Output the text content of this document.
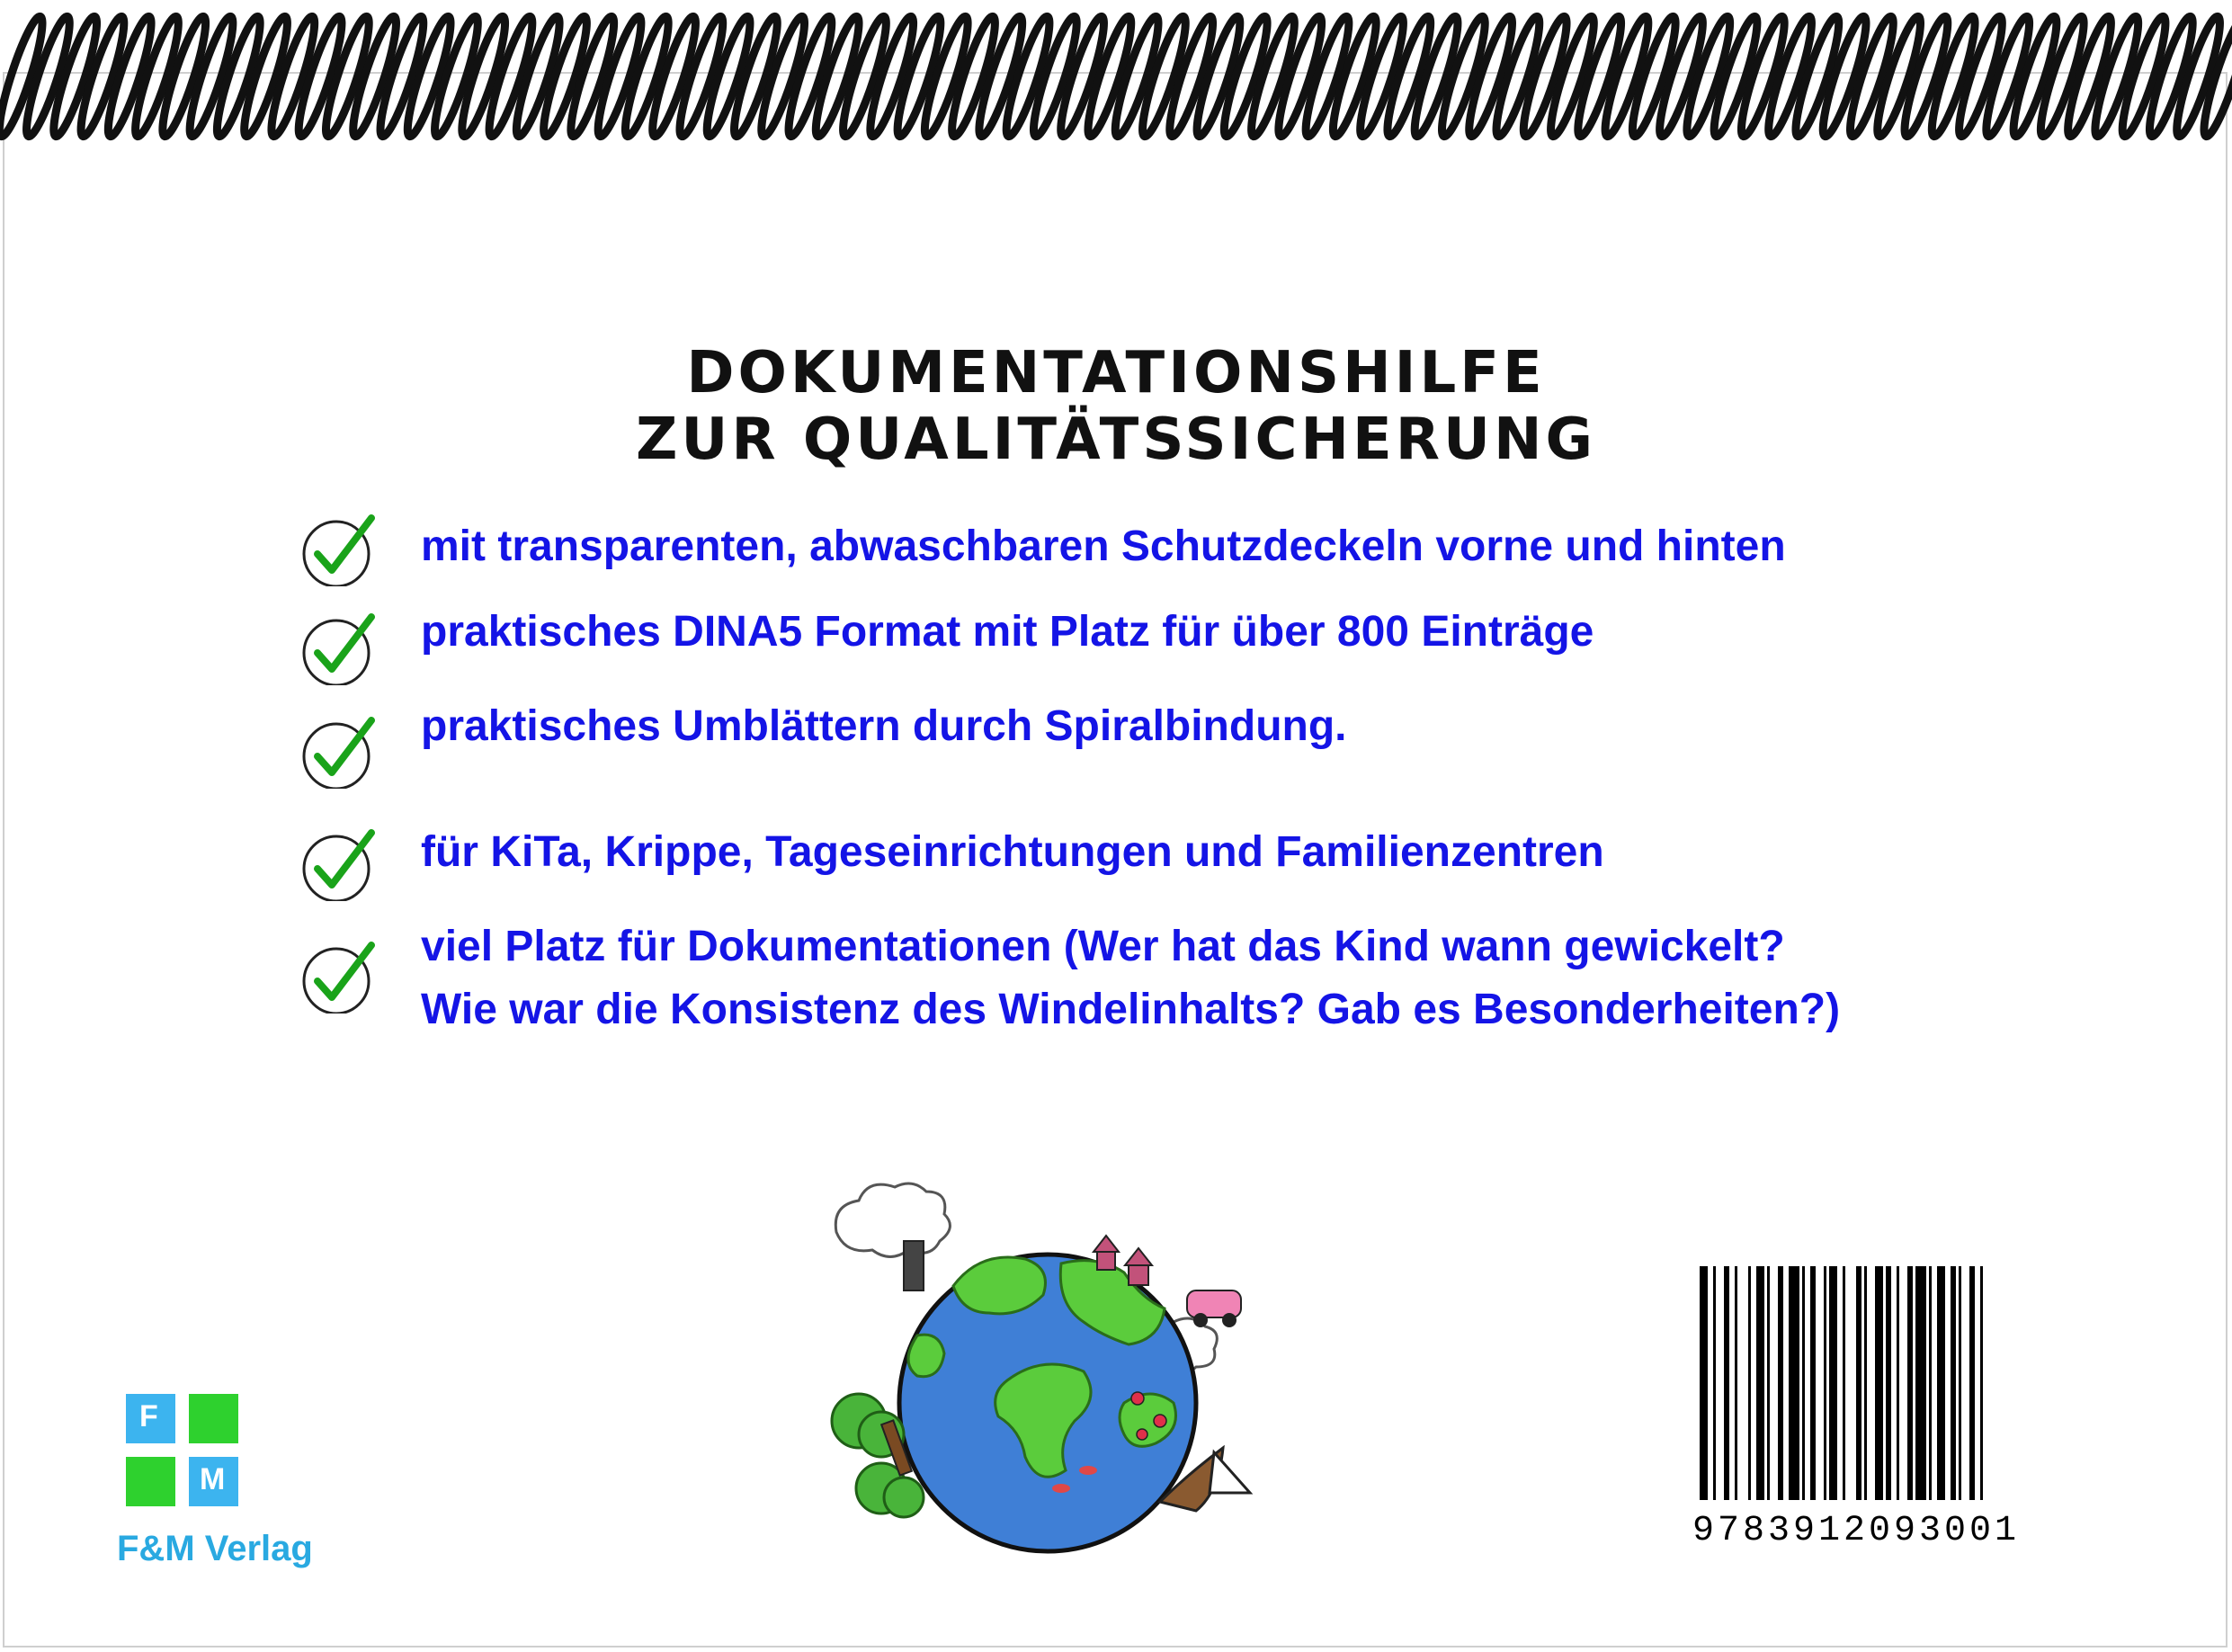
DOKUMENTATIONSHILFE
ZUR QUALITÄTSSICHERUNG
mit transparenten, abwaschbaren Schutzdeckeln vorne und hinten
praktisches DINA5 Format mit Platz für über 800 Einträge
praktisches Umblättern durch Spiralbindung.
für KiTa, Krippe, Tageseinrichtungen und Familienzentren
viel Platz für Dokumentationen (Wer hat das Kind wann gewickelt?
Wie war die Konsistenz des Windelinhalts? Gab es Besonderheiten?)
F
M
F&M Verlag	9783912093001
